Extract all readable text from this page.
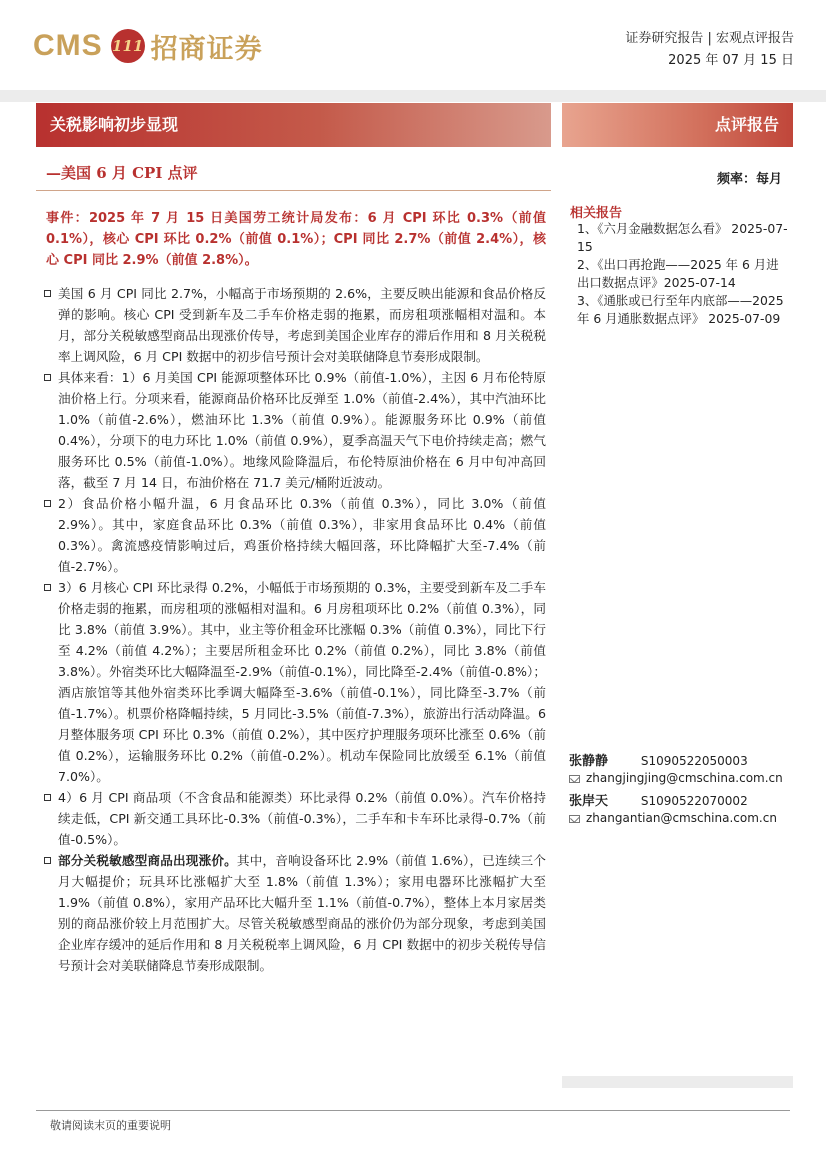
CMS 111 招商证券	证券研究报告 | 宏观点评报告
2025 年 07 月 15 日
关税影响初步显现	点评报告
—美国 6 月 CPI 点评	频率：每月
事件：2025 年 7 月 15 日美国劳工统计局发布：6 月 CPI 环比 0.3%（前值 0.1%），核心 CPI 环比 0.2%（前值 0.1%）；CPI 同比 2.7%（前值 2.4%），核心 CPI 同比 2.9%（前值 2.8%）。

美国 6 月 CPI 同比 2.7%，小幅高于市场预期的 2.6%，主要反映出能源和食品价格反弹的影响。核心 CPI 受到新车及二手车价格走弱的拖累，而房租项涨幅相对温和。本月，部分关税敏感型商品出现涨价传导，考虑到美国企业库存的滞后作用和 8 月关税税率上调风险，6 月 CPI 数据中的初步信号预计会对美联储降息节奏形成限制。

具体来看：1）6 月美国 CPI 能源项整体环比 0.9%（前值-1.0%），主因 6 月布伦特原油价格上行。分项来看，能源商品价格环比反弹至 1.0%（前值-2.4%），其中汽油环比 1.0%（前值-2.6%），燃油环比 1.3%（前值 0.9%）。能源服务环比 0.9%（前值 0.4%），分项下的电力环比 1.0%（前值 0.9%），夏季高温天气下电价持续走高；燃气服务环比 0.5%（前值-1.0%）。地缘风险降温后，布伦特原油价格在 6 月中旬冲高回落，截至 7 月 14 日，布油价格在 71.7 美元/桶附近波动。

2）食品价格小幅升温，6 月食品环比 0.3%（前值 0.3%），同比 3.0%（前值 2.9%）。其中，家庭食品环比 0.3%（前值 0.3%），非家用食品环比 0.4%（前值 0.3%）。禽流感疫情影响过后，鸡蛋价格持续大幅回落，环比降幅扩大至-7.4%（前值-2.7%）。

3）6 月核心 CPI 环比录得 0.2%，小幅低于市场预期的 0.3%，主要受到新车及二手车价格走弱的拖累，而房租项的涨幅相对温和。6 月房租项环比 0.2%（前值 0.3%），同比 3.8%（前值 3.9%）。其中，业主等价租金环比涨幅 0.3%（前值 0.3%），同比下行至 4.2%（前值 4.2%）；主要居所租金环比 0.2%（前值 0.2%），同比 3.8%（前值 3.8%）。外宿类环比大幅降温至-2.9%（前值-0.1%），同比降至-2.4%（前值-0.8%）；酒店旅馆等其他外宿类环比季调大幅降至-3.6%（前值-0.1%），同比降至-3.7%（前值-1.7%）。机票价格降幅持续，5 月同比-3.5%（前值-7.3%），旅游出行活动降温。6 月整体服务项 CPI 环比 0.3%（前值 0.2%），其中医疗护理服务项环比涨至 0.6%（前值 0.2%），运输服务环比 0.2%（前值-0.2%）。机动车保险同比放缓至 6.1%（前值 7.0%）。

4）6 月 CPI 商品项（不含食品和能源类）环比录得 0.2%（前值 0.0%）。汽车价格持续走低，CPI 新交通工具环比-0.3%（前值-0.3%），二手车和卡车环比录得-0.7%（前值-0.5%）。

部分关税敏感型商品出现涨价。其中，音响设备环比 2.9%（前值 1.6%），已连续三个月大幅提价；玩具环比涨幅扩大至 1.8%（前值 1.3%）；家用电器环比涨幅扩大至 1.9%（前值 0.8%），家用产品环比大幅升至 1.1%（前值-0.7%），整体上本月家居类别的商品涨价较上月范围扩大。尽管关税敏感型商品的涨价仍为部分现象，考虑到美国企业库存缓冲的延后作用和 8 月关税税率上调风险，6 月 CPI 数据中的初步关税传导信号预计会对美联储降息节奏形成限制。

相关报告

1、《六月金融数据怎么看》 2025-07-15

2、《出口再抢跑——2025 年 6 月进出口数据点评》2025-07-14

3、《通胀或已行至年内底部——2025 年 6 月通胀数据点评》 2025-07-09

张静静	S1090522050003
zhangjingjing@cmschina.com.cn
张岸天	S1090522070002
zhangantian@cmschina.com.cn
敬请阅读末页的重要说明
